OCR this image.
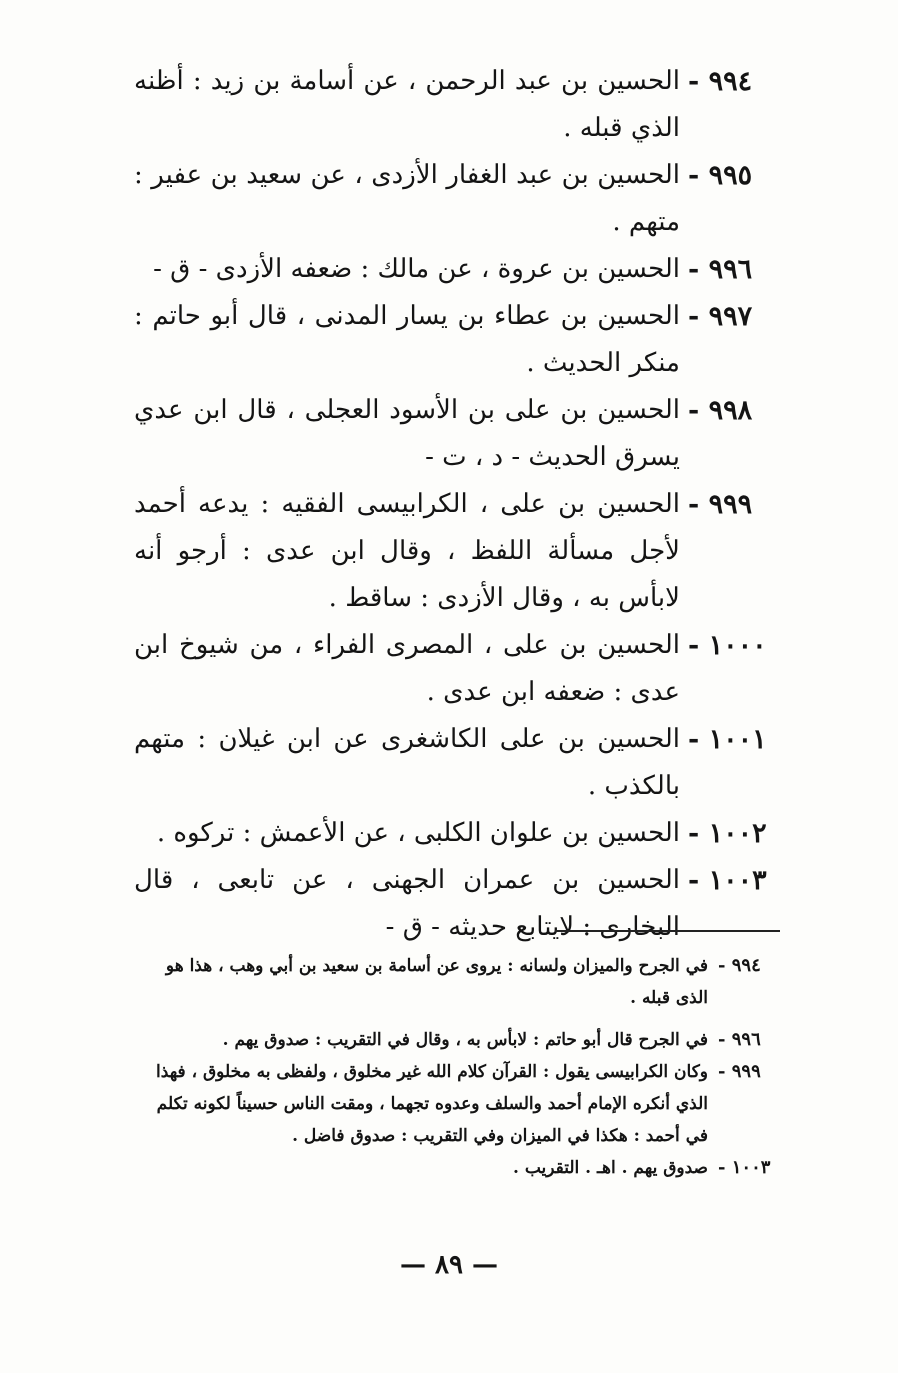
٩٩٤ -
الحسين بن عبد الرحمن ، عن أسامة بن زيد : أظنه الذي قبله .
٩٩٥ -
الحسين بن عبد الغفار الأزدى ، عن سعيد بن عفير : متهم .
٩٩٦ -
الحسين بن عروة ، عن مالك : ضعفه الأزدى - ق -
٩٩٧ -
الحسين بن عطاء بن يسار المدنى ، قال أبو حاتم : منكر الحديث .
٩٩٨ -
الحسين بن على بن الأسود العجلى ، قال ابن عدي يسرق الحديث - د ، ت -
٩٩٩ -
الحسين بن على ، الكرابيسى الفقيه : يدعه أحمد لأجل مسألة اللفظ ، وقال ابن عدى : أرجو أنه لابأس به ، وقال الأزدى : ساقط .
١٠٠٠ -
الحسين بن على ، المصرى الفراء ، من شيوخ ابن عدى : ضعفه ابن عدى .
١٠٠١ -
الحسين بن على الكاشغرى عن ابن غيلان : متهم بالكذب .
١٠٠٢ -
الحسين بن علوان الكلبى ، عن الأعمش : تركوه .
١٠٠٣ -
الحسين بن عمران الجهنى ، عن تابعى ، قال البخارى : لايتابع حديثه - ق -
٩٩٤ -
في الجرح والميزان ولسانه : يروى عن أسامة بن سعيد بن أبي وهب ، هذا هو الذى قبله .
٩٩٦ -
في الجرح قال أبو حاتم : لابأس به ، وقال في التقريب : صدوق يهم .
٩٩٩ -
وكان الكرابيسى يقول : القرآن كلام الله غير مخلوق ، ولفظى به مخلوق ، فهذا الذي أنكره الإمام أحمد والسلف وعدوه تجهما ، ومقت الناس حسيناً لكونه تكلم في أحمد : هكذا في الميزان وفي التقريب : صدوق فاضل .
١٠٠٣ -
صدوق يهم . اهـ . التقريب .
— ٨٩ —
